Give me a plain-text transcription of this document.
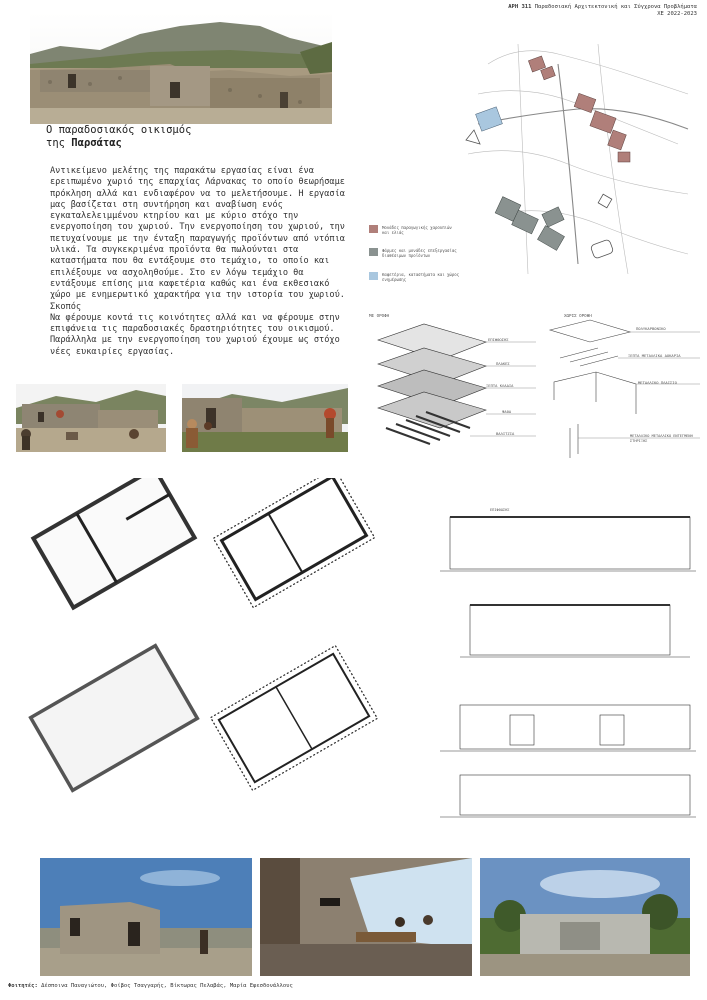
ΑΡΗ 311 Παραδοσιακή Αρχιτεκτονική και Σύγχρονα Προβλήματα
ΧΕ 2022-2023
Ο παραδοσιακός οικισμός
της Παρσάτας
Αντικείμενο μελέτης της παρακάτω εργασίας είναι ένα ερειπωμένο χωριό της επαρχίας Λάρνακας το οποίο θεωρήσαμε πρόκληση αλλά και ενδιαφέρον να το μελετήσουμε. Η εργασία μας βασίζεται στη συντήρηση και αναβίωση ενός εγκαταλελειμμένου κτηρίου και με κύριο στόχο την ενεργοποίηση του χωριού. Την ενεργοποίηση του χωριού, την πετυχαίνουμε με την ένταξη παραγωγής προϊόντων από ντόπια υλικά. Τα συγκεκριμένα προϊόντα θα πωλούνται στα καταστήματα που θα εντάξουμε στο τεμάχιο, το οποίο και επιλέξουμε να ασχοληθούμε. Στο εν λόγω τεμάχιο θα εντάξουμε επίσης μια καφετέρια καθώς και ένα εκθεσιακό χώρο με ενημερωτικό χαρακτήρα για την ιστορία του χωριού. Σκοπός
Να φέρουμε κοντά τις κοινότητες αλλά και να φέρουμε στην επιφάνεια τις παραδοσιακές δραστηριότητες του οικισμού. Παράλληλα με την ενεργοποίηση του χωριού έχουμε ως στόχο νέες ευκαιρίες εργασίας.
Μονάδες παραγωγικής χαρουπιών και ελιάς
Φάρμες και μονάδες επεξεργασίας διαθέσιμων προϊόντων
Καφετέρια, καταστήματα και χώρος ενημέρωσης
ΜΕ ΟΡΟΦΗ
ΕΠΙΦΘΩΣΗΣ
ΠΛΑΚΕΣ
ΞΕΠΤΑ ΚΛΑΔΙΑ
ΨΑΘΑ
ΒΑΛΙΤΖΙΑ
ΧΩΡΙΣ ΟΡΟΦΗ
ΠΟΛΥΚΑΡΒΟΝΙΚΟ
ΞΕΠΤΑ ΜΕΤΑΛΛΙΚΑ ΔΟΚΑΡΙΑ
ΜΕΤΑΛΛΙΚΟ ΠΛΑΙΣΙΟ
ΜΕΤΑΛΛΙΚΟ ΜΕΤΑΛΛΙΚΟ ΕΝΤΕΓΜΕΝΗ ΣΤΗΡΙΞΗΣ
ΕΠΙΦΘΩΣΗΣ
Φοιτητές: Δέσποινα Παναγιώτου, Φοίβος Τσαγγαρής, Βίκτωρας Πελαβάς, Μαρία Εφεσδονάλλους
